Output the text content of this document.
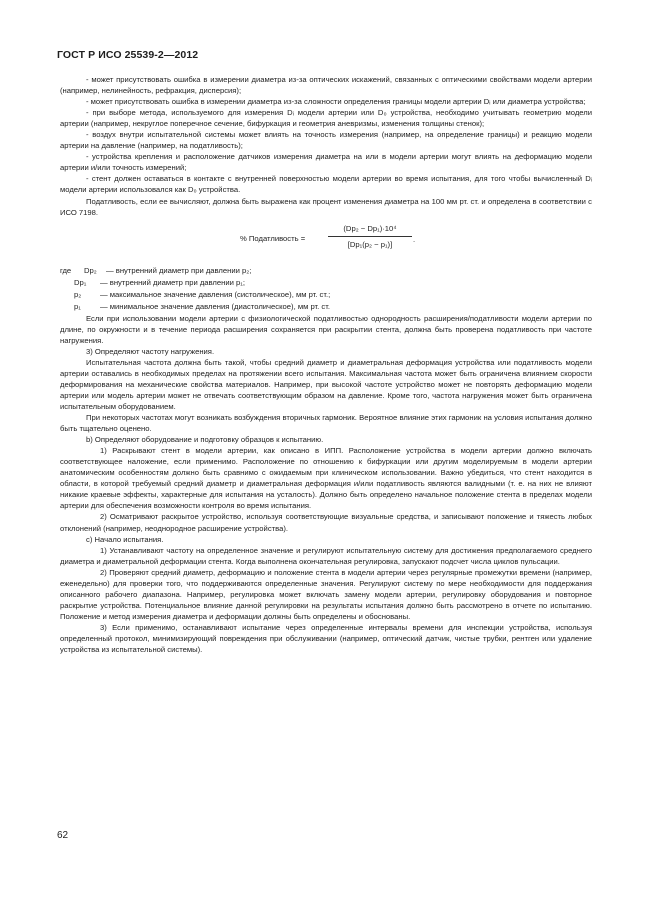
ГОСТ Р ИСО 25539-2—2012

- может присутствовать ошибка в измерении диаметра из-за оптических искажений, связанных с оптическими свойствами модели артерии (например, нелинейность, рефракция, дисперсия);

- может присутствовать ошибка в измерении диаметра из-за сложности определения границы модели артерии Dᵢ или диаметра устройства;

- при выборе метода, используемого для измерения Dᵢ модели артерии или D₀ устройства, необходимо учитывать геометрию модели артерии (например, некруглое поперечное сечение, бифуркация и геометрия аневризмы, изменения толщины стенок);

- воздух внутри испытательной системы может влиять на точность измерения (например, на определение границы) и реакцию модели артерии на давление (например, на податливость);

- устройства крепления и расположение датчиков измерения диаметра на или в модели артерии могут влиять на деформацию модели артерии и/или точность измерений;

- стент должен оставаться в контакте с внутренней поверхностью модели артерии во время испытания, для того чтобы вычисленный Dᵢ модели артерии использовался как D₀ устройства.

Податливость, если ее вычисляют, должна быть выражена как процент изменения диаметра на 100 мм рт. ст. и определена в соответствии с ИСО 7198.

% Податливость =	$\frac{\text{(Dp₂ − Dp₁)·10⁴}}{\text{[Dp₁(p₂ − p₁)]}}$ .
где Dp₂ — внутренний диаметр при давлении p₂;
Dp₁ — внутренний диаметр при давлении p₁;
p₂ — максимальное значение давления (систолическое), мм рт. ст.;
p₁	— минимальное значение давления (диастолическое), мм рт. ст.

Если при использовании модели артерии с физиологической податливостью однородность расширения/податливости модели артерии по длине, по окружности и в течение периода расширения сохраняется при раскрытии стента, должна быть проверена податливость при частоте нагружения.

3) Определяют частоту нагружения.

Испытательная частота должна быть такой, чтобы средний диаметр и диаметральная деформация устройства или податливость модели артерии оставались в необходимых пределах на протяжении всего испытания. Максимальная частота может быть ограничена влиянием скорости деформирования на механические свойства материалов. Например, при высокой частоте устройство может не повторять деформацию модели артерии или модель артерии может не отвечать соответствующим образом на давление. Кроме того, частота нагружения может быть ограничена испытательным оборудованием.

При некоторых частотах могут возникать возбуждения вторичных гармоник. Вероятное влияние этих гармоник на условия испытания должно быть тщательно оценено.

b) Определяют оборудование и подготовку образцов к испытанию.

1) Раскрывают стент в модели артерии, как описано в ИПП. Расположение устройства в модели артерии должно включать соответствующее наложение, если применимо. Расположение по отношению к бифуркации или другим моделируемым в модели артерии анатомическим особенностям должно быть сравнимо с ожидаемым при клиническом использовании. Важно убедиться, что стент находится в области, в которой требуемый средний диаметр и диаметральная деформация и/или податливость являются валидными (т. е. на них не влияют никакие краевые эффекты, характерные для испытания на усталость). Должно быть определено начальное положение стента в пределах модели артерии для обеспечения возможности контроля во время испытания.

2) Осматривают раскрытое устройство, используя соответствующие визуальные средства, и записывают положение и тяжесть любых отклонений (например, неоднородное расширение устройства).

c) Начало испытания.

1) Устанавливают частоту на определенное значение и регулируют испытательную систему для достижения предполагаемого среднего диаметра и диаметральной деформации стента. Когда выполнена окончательная регулировка, запускают подсчет числа циклов пульсации.

2) Проверяют средний диаметр, деформацию и положение стента в модели артерии через регулярные промежутки времени (например, еженедельно) для проверки того, что поддерживаются определенные значения. Регулируют систему по мере необходимости для поддержания описанного рабочего диапазона. Например, регулировка может включать замену модели артерии, регулировку оборудования и повторное раскрытие устройства. Потенциальное влияние данной регулировки на результаты испытания должно быть рассмотрено в отчете по испытанию. Положение и метод измерения диаметра и деформации должны быть определены и обоснованы.

3) Если применимо, останавливают испытание через определенные интервалы времени для инспекции устройства, используя определенный протокол, минимизирующий повреждения при обслуживании (например, оптический датчик, чистые трубки, рентген или удаление устройства из испытательной системы).

62
